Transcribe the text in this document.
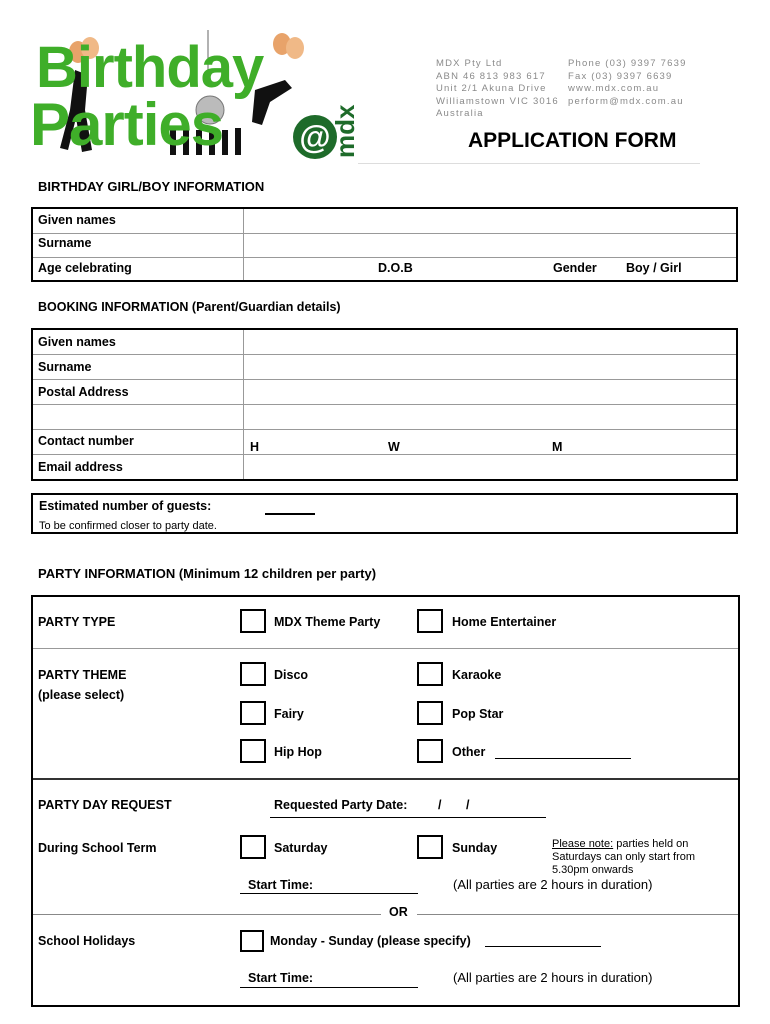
@
Birthday
Parties	mdx
MDX Pty Ltd
ABN 46 813 983 617
Unit 2/1 Akuna Drive
Williamstown VIC 3016
Australia
Phone (03) 9397 7639
Fax (03) 9397 6639
www.mdx.com.au
perform@mdx.com.au
APPLICATION FORM
BIRTHDAY GIRL/BOY INFORMATION
Given names
Surname
Age celebrating	D.O.B	Gender Boy / Girl
BOOKING INFORMATION (Parent/Guardian details)
Given names
Surname
Postal Address
Contact number	H	W	M
Email address
Estimated number of guests:
To be confirmed closer to party date.
PARTY INFORMATION (Minimum 12 children per party)
PARTY TYPE	MDX Theme Party	Home Entertainer
PARTY THEME
(please select)
Disco	Karaoke
Fairy	Pop Star
Hip Hop	Other
PARTY DAY REQUEST	Requested Party Date: / /
During School Term	Saturday	Sunday	Please note: parties held on
Saturdays can only start from
5.30pm onwards
Start Time:	(All parties are 2 hours in duration)
OR
School Holidays	Monday - Sunday (please specify)
Start Time:	(All parties are 2 hours in duration)
